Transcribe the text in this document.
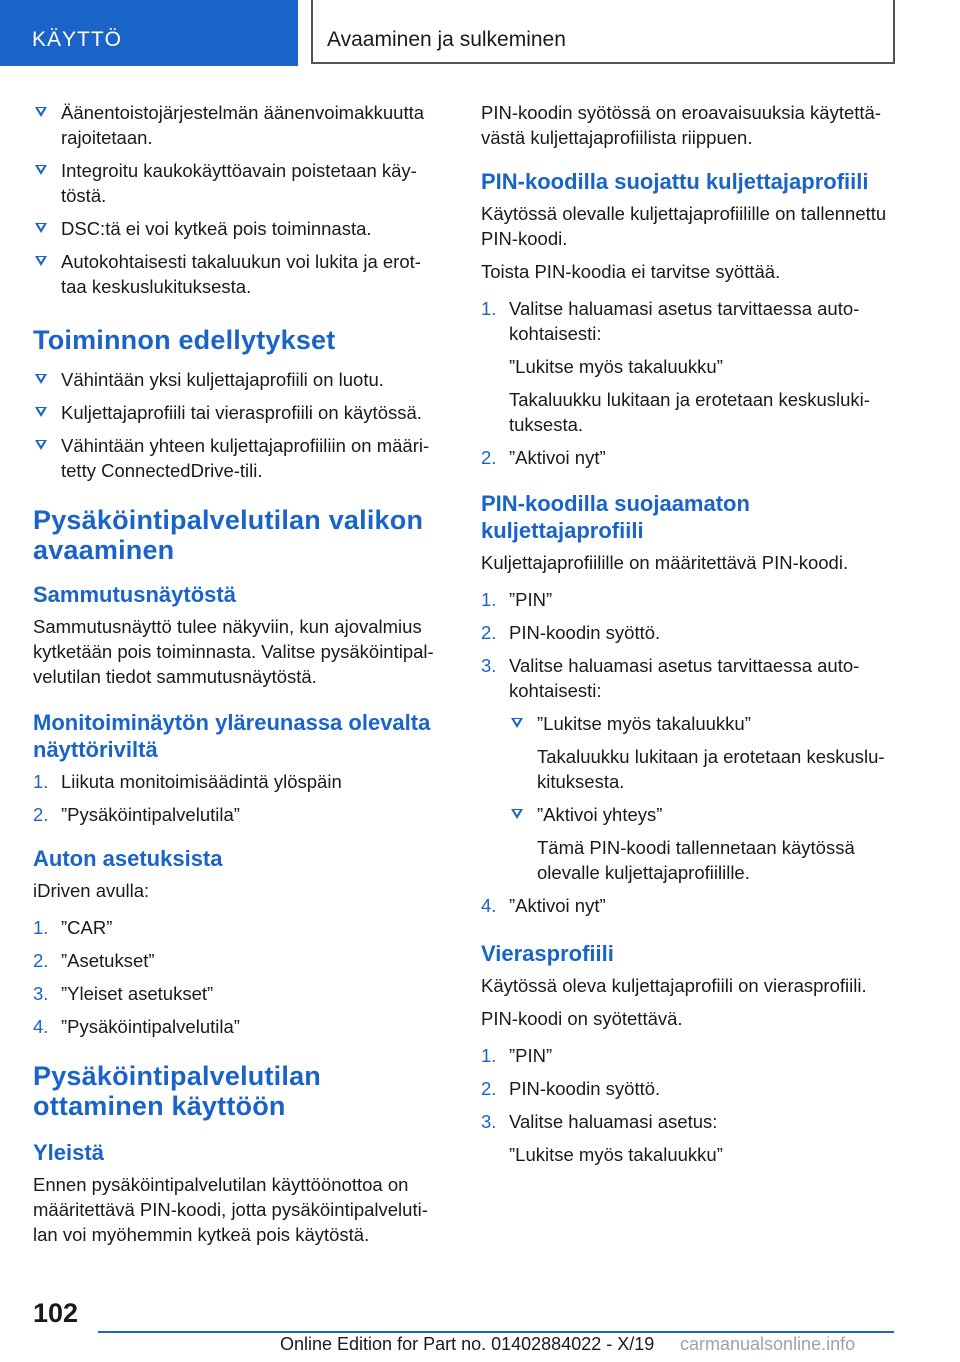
KÄYTTÖ	Avaaminen ja sulkeminen
Äänentoistojärjestelmän äänenvoimakkuutta rajoitetaan.
Integroitu kaukokäyttöavain poistetaan käy-töstä.
DSC:tä ei voi kytkeä pois toiminnasta.
Autokohtaisesti takaluukun voi lukita ja erot-taa keskuslukituksesta.
Toiminnon edellytykset
Vähintään yksi kuljettajaprofiili on luotu.
Kuljettajaprofiili tai vierasprofiili on käytössä.
Vähintään yhteen kuljettajaprofiiliin on määri-tetty ConnectedDrive-tili.
Pysäköintipalvelutilan valikon avaaminen
Sammutusnäytöstä

Sammutusnäyttö tulee näkyviin, kun ajovalmius kytketään pois toiminnasta. Valitse pysäköintipal-velutilan tiedot sammutusnäytöstä.

Monitoiminäytön yläreunassa olevalta näyttöriviltä
1. Liikuta monitoimisäädintä ylöspäin
2. ”Pysäköintipalvelutila”
Auton asetuksista

iDriven avulla:

1. ”CAR”
2. ”Asetukset”
3. ”Yleiset asetukset”
4. ”Pysäköintipalvelutila”
Pysäköintipalvelutilan ottaminen käyttöön
Yleistä

Ennen pysäköintipalvelutilan käyttöönottoa on määritettävä PIN-koodi, jotta pysäköintipalveluti-lan voi myöhemmin kytkeä pois käytöstä.

PIN-koodin syötössä on eroavaisuuksia käytettä-västä kuljettajaprofiilista riippuen.

PIN-koodilla suojattu kuljettajaprofiili

Käytössä olevalle kuljettajaprofiilille on tallennettu PIN-koodi.

Toista PIN-koodia ei tarvitse syöttää.

1. Valitse haluamasi asetus tarvittaessa auto-kohtaisesti:

”Lukitse myös takaluukku”

Takaluukku lukitaan ja erotetaan keskusluki-tuksesta.

2. ”Aktivoi nyt”
PIN-koodilla suojaamaton kuljettajaprofiili

Kuljettajaprofiilille on määritettävä PIN-koodi.

1. ”PIN”
2. PIN-koodin syöttö.
3. Valitse haluamasi asetus tarvittaessa auto-kohtaisesti:
”Lukitse myös takaluukku”

Takaluukku lukitaan ja erotetaan keskuslu-kituksesta.

”Aktivoi yhteys”

Tämä PIN-koodi tallennetaan käytössä olevalle kuljettajaprofiilille.

4. ”Aktivoi nyt”
Vierasprofiili

Käytössä oleva kuljettajaprofiili on vierasprofiili.

PIN-koodi on syötettävä.

1. ”PIN”
2. PIN-koodin syöttö.
3. Valitse haluamasi asetus:

”Lukitse myös takaluukku”

102
Online Edition for Part no. 01402884022 - X/19 carmanualsonline.info
